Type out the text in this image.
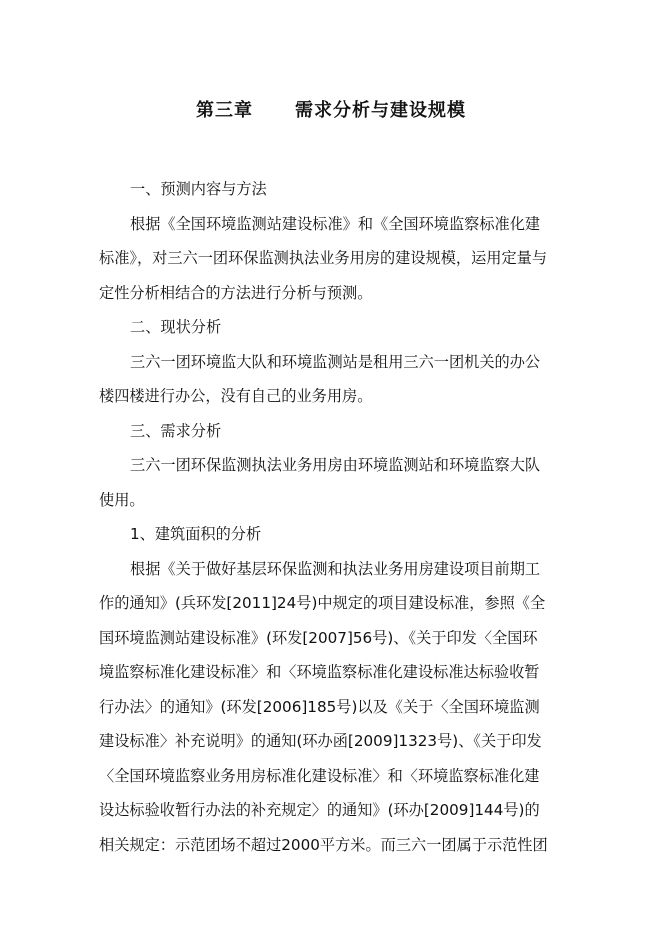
第三章 需求分析与建设规模
一、预测内容与方法
根据《全国环境监测站建设标准》和《全国环境监察标准化建
标准》，对三六一团环保监测执法业务用房的建设规模，运用定量与
定性分析相结合的方法进行分析与预测。
二、现状分析
三六一团环境监大队和环境监测站是租用三六一团机关的办公
楼四楼进行办公，没有自己的业务用房。
三、需求分析
三六一团环保监测执法业务用房由环境监测站和环境监察大队
使用。
1、建筑面积的分析
根据《关于做好基层环保监测和执法业务用房建设项目前期工
作的通知》(兵环发[2011]24号)中规定的项目建设标准，参照《全
国环境监测站建设标准》(环发[2007]56号)、《关于印发〈全国环
境监察标准化建设标准〉和〈环境监察标准化建设标准达标验收暂
行办法〉的通知》(环发[2006]185号)以及《关于〈全国环境监测
建设标准〉补充说明》的通知(环办函[2009]1323号)、《关于印发
〈全国环境监察业务用房标准化建设标准〉和〈环境监察标准化建
设达标验收暂行办法的补充规定〉的通知》(环办[2009]144号)的
相关规定：示范团场不超过2000平方米。而三六一团属于示范性团
